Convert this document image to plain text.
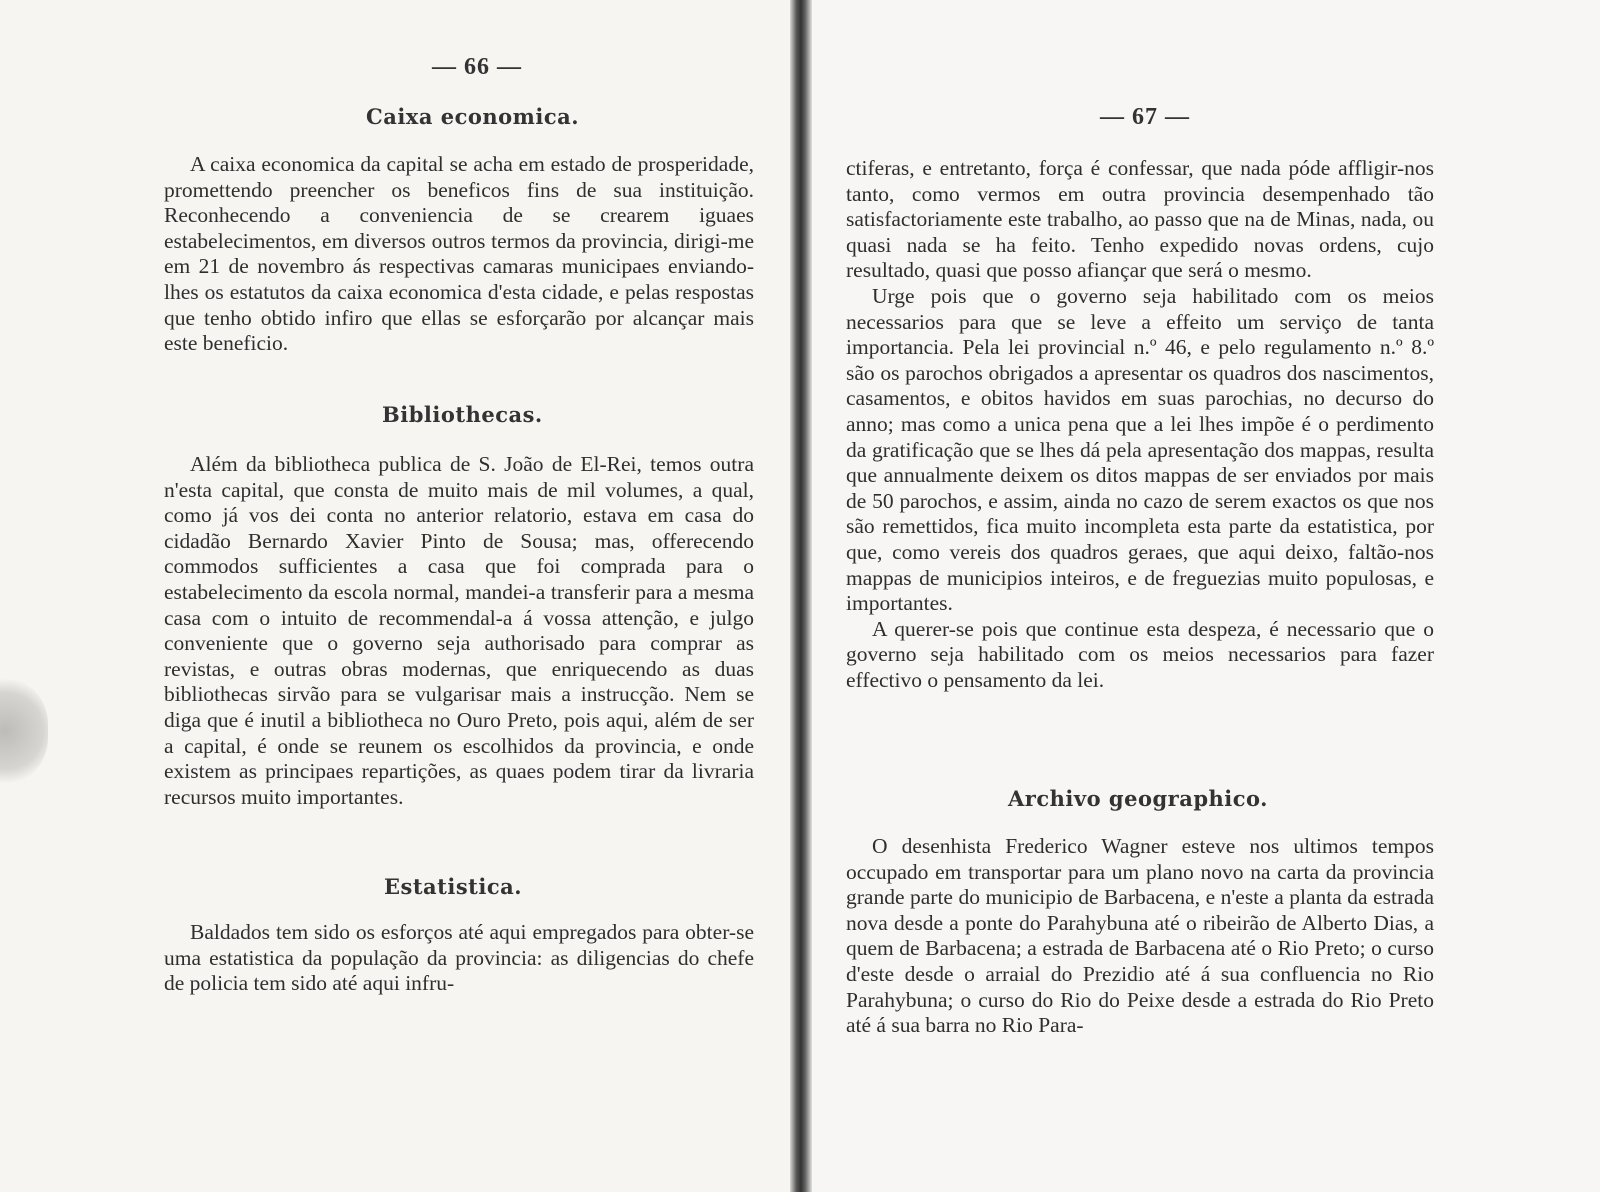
— 66 —
Caixa economica.

A caixa economica da capital se acha em estado de prosperidade, promettendo preencher os beneficos fins de sua instituição. Reconhecendo a conveniencia de se crearem iguaes estabelecimentos, em diversos outros termos da provincia, dirigi-me em 21 de novembro ás respectivas camaras municipaes enviando-lhes os estatutos da caixa economica d'esta cidade, e pelas respostas que tenho obtido infiro que ellas se esforçarão por alcançar mais este beneficio.

Bibliothecas.

Além da bibliotheca publica de S. João de El-Rei, temos outra n'esta capital, que consta de muito mais de mil volumes, a qual, como já vos dei conta no anterior relatorio, estava em casa do cidadão Bernardo Xavier Pinto de Sousa; mas, offerecendo commodos sufficientes a casa que foi comprada para o estabelecimento da escola normal, mandei-a transferir para a mesma casa com o intuito de recommendal-a á vossa attenção, e julgo conveniente que o governo seja authorisado para comprar as revistas, e outras obras modernas, que enriquecendo as duas bibliothecas sirvão para se vulgarisar mais a instrucção. Nem se diga que é inutil a bibliotheca no Ouro Preto, pois aqui, além de ser a capital, é onde se reunem os escolhidos da provincia, e onde existem as principaes repartições, as quaes podem tirar da livraria recursos muito importantes.

Estatistica.

Baldados tem sido os esforços até aqui empregados para obter-se uma estatistica da população da provincia: as diligencias do chefe de policia tem sido até aqui infru-

— 67 —

ctiferas, e entretanto, força é confessar, que nada póde affligir-nos tanto, como vermos em outra provincia desempenhado tão satisfactoriamente este trabalho, ao passo que na de Minas, nada, ou quasi nada se ha feito. Tenho expedido novas ordens, cujo resultado, quasi que posso afiançar que será o mesmo.

Urge pois que o governo seja habilitado com os meios necessarios para que se leve a effeito um serviço de tanta importancia. Pela lei provincial n.º 46, e pelo regulamento n.º 8.º são os parochos obrigados a apresentar os quadros dos nascimentos, casamentos, e obitos havidos em suas parochias, no decurso do anno; mas como a unica pena que a lei lhes impõe é o perdimento da gratificação que se lhes dá pela apresentação dos mappas, resulta que annualmente deixem os ditos mappas de ser enviados por mais de 50 parochos, e assim, ainda no cazo de serem exactos os que nos são remettidos, fica muito incompleta esta parte da estatistica, por que, como vereis dos quadros geraes, que aqui deixo, faltão-nos mappas de municipios inteiros, e de freguezias muito populosas, e importantes.

A querer-se pois que continue esta despeza, é necessario que o governo seja habilitado com os meios necessarios para fazer effectivo o pensamento da lei.

Archivo geographico.

O desenhista Frederico Wagner esteve nos ultimos tempos occupado em transportar para um plano novo na carta da provincia grande parte do municipio de Barbacena, e n'este a planta da estrada nova desde a ponte do Parahybuna até o ribeirão de Alberto Dias, a quem de Barbacena; a estrada de Barbacena até o Rio Preto; o curso d'este desde o arraial do Prezidio até á sua confluencia no Rio Parahybuna; o curso do Rio do Peixe desde a estrada do Rio Preto até á sua barra no Rio Para-
